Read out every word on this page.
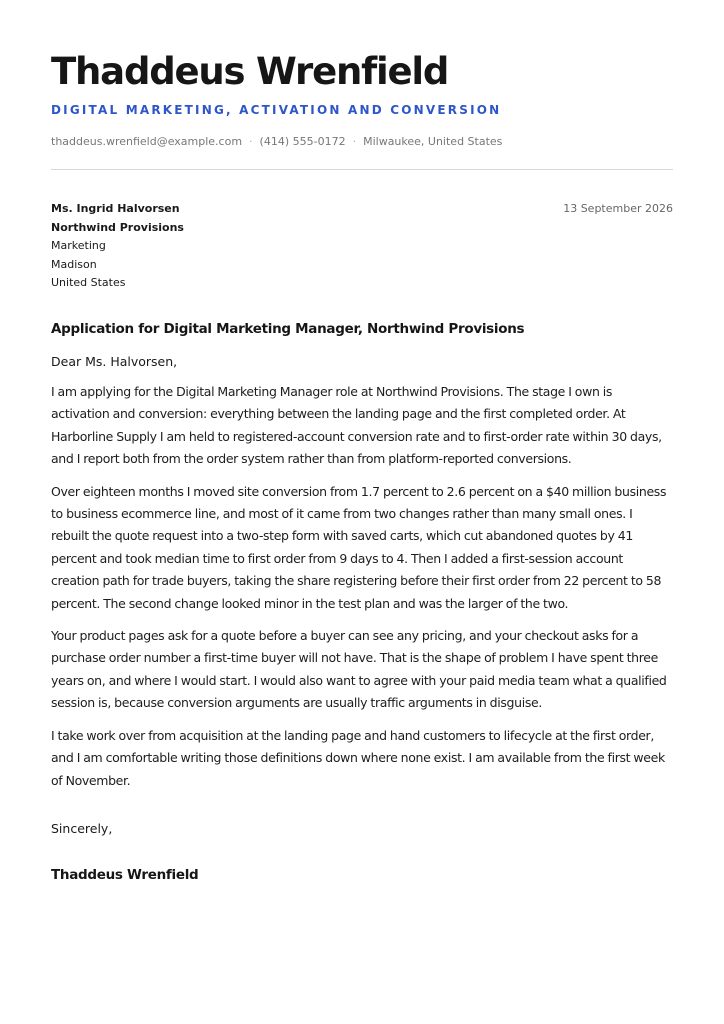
Thaddeus Wrenfield
DIGITAL MARKETING, ACTIVATION AND CONVERSION
thaddeus.wrenfield@example.com · (414) 555-0172 · Milwaukee, United States
Ms. Ingrid Halvorsen
Northwind Provisions
Marketing
Madison
United States
13 September 2026
Application for Digital Marketing Manager, Northwind Provisions
Dear Ms. Halvorsen,
I am applying for the Digital Marketing Manager role at Northwind Provisions. The stage I own is activation and conversion: everything between the landing page and the first completed order. At Harborline Supply I am held to registered-account conversion rate and to first-order rate within 30 days, and I report both from the order system rather than from platform-reported conversions.
Over eighteen months I moved site conversion from 1.7 percent to 2.6 percent on a $40 million business to business ecommerce line, and most of it came from two changes rather than many small ones. I rebuilt the quote request into a two-step form with saved carts, which cut abandoned quotes by 41 percent and took median time to first order from 9 days to 4. Then I added a first-session account creation path for trade buyers, taking the share registering before their first order from 22 percent to 58 percent. The second change looked minor in the test plan and was the larger of the two.
Your product pages ask for a quote before a buyer can see any pricing, and your checkout asks for a purchase order number a first-time buyer will not have. That is the shape of problem I have spent three years on, and where I would start. I would also want to agree with your paid media team what a qualified session is, because conversion arguments are usually traffic arguments in disguise.
I take work over from acquisition at the landing page and hand customers to lifecycle at the first order, and I am comfortable writing those definitions down where none exist. I am available from the first week of November.
Sincerely,
Thaddeus Wrenfield
